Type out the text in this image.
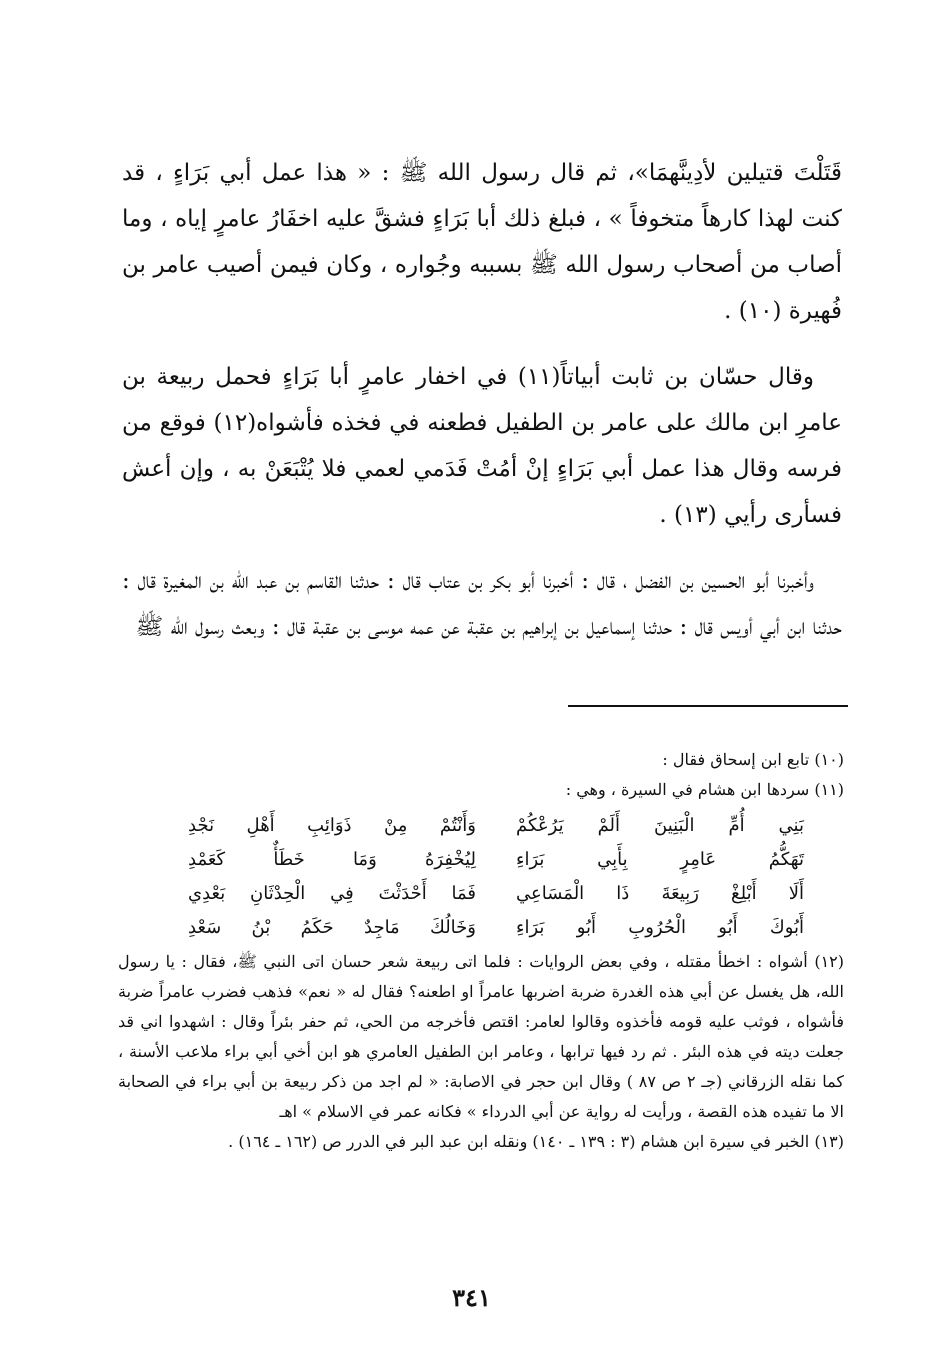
قَتَلْتَ قتيلين لأدِينَّهمَا»، ثم قال رسول الله ﷺ : « هذا عمل أبي بَرَاءٍ ، قد كنت لهذا كارهاً متخوفاً » ، فبلغ ذلك أبا بَرَاءٍ فشقَّ عليه اخفَارُ عامرٍ إياه ، وما أصاب من أصحاب رسول الله ﷺ بسببه وجُواره ، وكان فيمن أصيب عامر بن فُهيرة (١٠) .

وقال حسّان بن ثابت أبياتاً(١١) في اخفار عامرٍ أبا بَرَاءٍ فحمل ربيعة بن عامرِ ابن مالك على عامر بن الطفيل فطعنه في فخذه فأشواه(١٢) فوقع من فرسه وقال هذا عمل أبي بَرَاءٍ إنْ أمُتْ فَدَمي لعمي فلا يُتْبَعَنْ به ، وإن أعش فسأرى رأيي (١٣) .

وأخبرنا أبو الحسين بن الفضل ، قال : أخبرنا أبو بكر بن عتاب قال : حدثنا القاسم بن عبد الله بن المغيرة قال : حدثنا ابن أبي أويس قال : حدثنا إسماعيل بن إبراهيم بن عقبة عن عمه موسى بن عقبة قال : وبعث رسول الله ﷺ

(١٠) تابع ابن إسحاق فقال :

(١١) سردها ابن هشام في السيرة ، وهي :

بَنِي أُمِّ الْبَنِينَ أَلَمْ يَرُعْكُمْ
وَأَنْتُمْ مِنْ ذَوَائِبِ أَهْلِ نَجْدِ
تَهَكُّمُ عَامِرٍ بِأَبِي بَرَاءِ
لِيُخْفِرَهُ وَمَا خَطَأٌ كَعَمْدِ
أَلَا أَبْلِغْ رَبِيعَةَ ذَا الْمَسَاعِي
فَمَا أَحْدَثْتَ فِي الْحِدْثَانِ بَعْدِي
أَبُوكَ أَبُو الْحُرُوبِ أَبُو بَرَاءِ
وَخَالُكَ مَاجِدٌ حَكَمُ بْنُ سَعْدِ

(١٢) أشواه : اخطأ مقتله ، وفي بعض الروايات : فلما اتى ربيعة شعر حسان اتى النبي ﷺ، فقال : يا رسول الله، هل يغسل عن أبي هذه الغدرة ضربة اضربها عامراً او اطعنه؟ فقال له « نعم» فذهب فضرب عامراً ضربة فأشواه ، فوثب عليه قومه فأخذوه وقالوا لعامر: اقتص فأخرجه من الحي، ثم حفر بئراً وقال : اشهدوا اني قد جعلت ديته في هذه البئر . ثم رد فيها ترابها ، وعامر ابن الطفيل العامري هو ابن أخي أبي براء ملاعب الأسنة ، كما نقله الزرقاني (جـ ٢ ص ٨٧ ) وقال ابن حجر في الاصابة: « لم اجد من ذكر ربيعة بن أبي براء في الصحابة الا ما تفيده هذه القصة ، ورأيت له رواية عن أبي الدرداء » فكانه عمر في الاسلام » اهـ

(١٣) الخبر في سيرة ابن هشام (٣ : ١٣٩ ـ ١٤٠) ونقله ابن عبد البر في الدرر ص (١٦٢ ـ ١٦٤) .

٣٤١
